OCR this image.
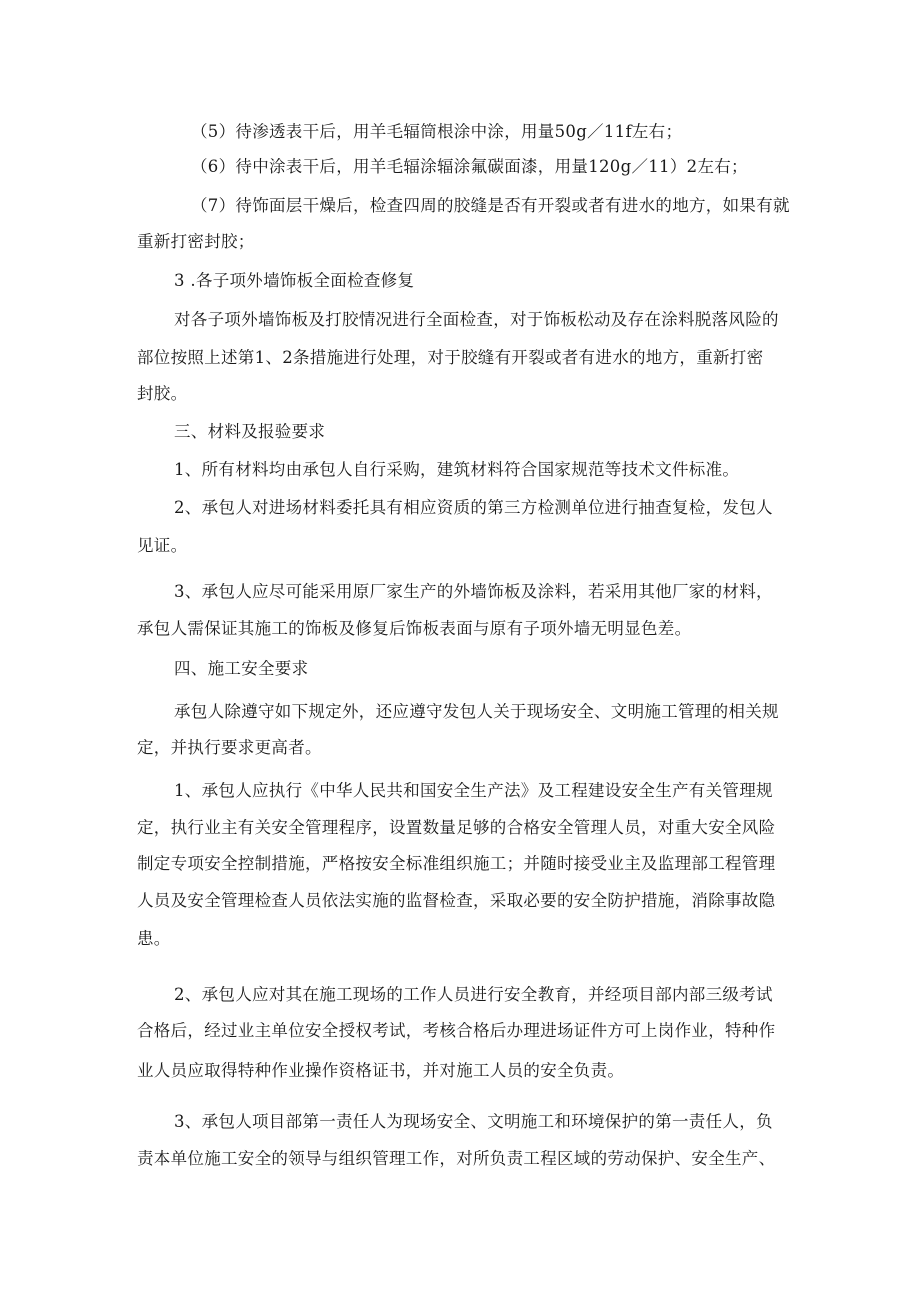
（5）待渗透表干后，用羊毛辐筒根涂中涂，用量50g／11f左右；
（6）待中涂表干后，用羊毛辐涂辐涂氟碳面漆，用量120g／11）2左右；
（7）待饰面层干燥后，检查四周的胶缝是否有开裂或者有进水的地方，如果有就
重新打密封胶；
3 .各子项外墙饰板全面检查修复
对各子项外墙饰板及打胶情况进行全面检查，对于饰板松动及存在涂料脱落风险的
部位按照上述第1、2条措施进行处理，对于胶缝有开裂或者有进水的地方，重新打密
封胶。
三、材料及报验要求
1、所有材料均由承包人自行采购，建筑材料符合国家规范等技术文件标准。
2、承包人对进场材料委托具有相应资质的第三方检测单位进行抽查复检，发包人
见证。
3、承包人应尽可能采用原厂家生产的外墙饰板及涂料，若采用其他厂家的材料，
承包人需保证其施工的饰板及修复后饰板表面与原有子项外墙无明显色差。
四、施工安全要求
承包人除遵守如下规定外，还应遵守发包人关于现场安全、文明施工管理的相关规
定，并执行要求更高者。
1、承包人应执行《中华人民共和国安全生产法》及工程建设安全生产有关管理规
定，执行业主有关安全管理程序，设置数量足够的合格安全管理人员，对重大安全风险
制定专项安全控制措施，严格按安全标准组织施工；并随时接受业主及监理部工程管理
人员及安全管理检查人员依法实施的监督检查，采取必要的安全防护措施，消除事故隐
患。
2、承包人应对其在施工现场的工作人员进行安全教育，并经项目部内部三级考试
合格后，经过业主单位安全授权考试，考核合格后办理进场证件方可上岗作业，特种作
业人员应取得特种作业操作资格证书，并对施工人员的安全负责。
3、承包人项目部第一责任人为现场安全、文明施工和环境保护的第一责任人，负
责本单位施工安全的领导与组织管理工作，对所负责工程区域的劳动保护、安全生产、
